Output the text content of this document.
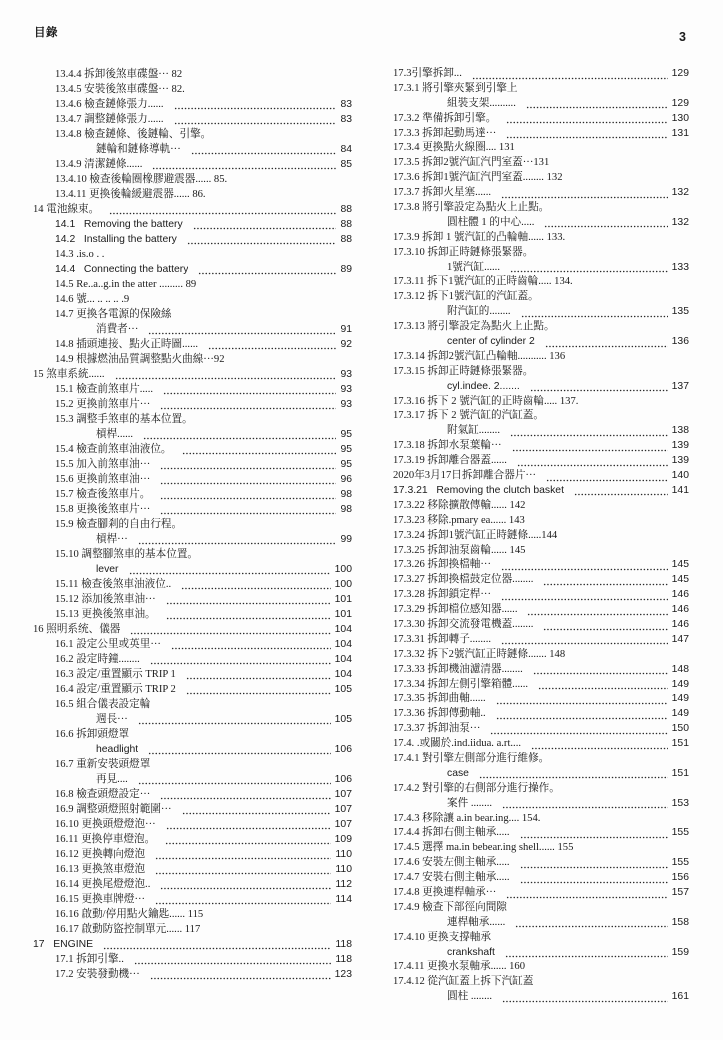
目錄	3
13.4.4 拆卸後煞車碟盤··· 82
13.4.5 安裝後煞車碟盤··· 82.
13.4.6 檢查鏈條張力......	83
13.4.7 調整鏈條張力......	83
13.4.8 檢查鏈條、後鏈輪、引擎。
鏈輪和鏈條導軌···	84
13.4.9 清潔鏈條......	85
13.4.10 檢查後輪圈橡膠避震器...... 85.
13.4.11 更換後輪緩避震器...... 86.
14 電池線束。	88
14.1   Removing the battery	88
14.2   Installing the battery	88
14.3 .is.o . .
14.4   Connecting the battery	89
14.5 Re..a..g.in the atter ......... 89
14.6 號... .. .. .. .9
14.7 更換各電源的保險絲
消費者···	91
14.8 插頭連接、點火正時圖......	92
14.9 根據燃油品質調整點火曲線···92
15 煞車系統......	93
15.1 檢查前煞車片.....	93
15.2 更換前煞車片···	93
15.3 調整手煞車的基本位置。
槓桿......	95
15.4 檢查前煞車油液位。	95
15.5 加入前煞車油···	95
15.6 更換前煞車油···	96
15.7 檢查後煞車片。	98
15.8 更換後煞車片···	98
15.9 檢查腳剎的自由行程。
槓桿···	99
15.10 調整腳煞車的基本位置。
lever	100
15.11 檢查後煞車油液位..	100
15.12 添加後煞車油···	101
15.13 更換後煞車油。	101
16 照明系统、儀器	104
16.1 設定公里或英里···	104
16.2 設定時鐘........	104
16.3 設定/重置顯示 TRIP 1	104
16.4 設定/重置顯示 TRIP 2	105
16.5 組合儀表設定輪
週長···	105
16.6 拆卸頭燈罩
headlight	106
16.7 重新安裝頭燈罩
再見....	106
16.8 檢查頭燈設定···	107
16.9 調整頭燈照射範圍···	107
16.10 更換頭燈燈泡···	107
16.11 更換停車燈泡。	109
16.12 更換轉向燈泡	110
16.13 更換煞車燈泡	110
16.14 更換尾燈燈泡..	112
16.15 更換車牌燈···	114
16.16 啟動/停用點火鑰匙...... 115
16.17 啟動防盜控制單元...... 117
17   ENGINE	118
17.1 拆卸引擎..	118
17.2 安裝發動機···	123
17.3引擎拆卸...	129
17.3.1 將引擎夾緊到引擎上
組裝支架..........	129
17.3.2 準備拆卸引擎。	130
17.3.3 拆卸起動馬達···	131
17.3.4 更換點火線圈.... 131
17.3.5 拆卸2號汽缸汽門室蓋···131
17.3.6 拆卸1號汽缸汽門室蓋........ 132
17.3.7 拆卸火星塞......	132
17.3.8 將引擎設定為點火上止點。
圓柱體 1 的中心.....	132
17.3.9 拆卸 1 號汽缸的凸輪軸...... 133.
17.3.10 拆卸正時鏈條張緊器。
1號汽缸......	133
17.3.11 拆下1號汽缸的正時齒輪..... 134.
17.3.12 拆下1號汽缸的汽缸蓋。
附汽缸的........	135
17.3.13 將引擎設定為點火上止點。
center of cylinder 2	136
17.3.14 拆卸2號汽缸凸輪軸........... 136
17.3.15 拆卸正時鏈條張緊器。
cyl.indee. 2.......	137
17.3.16 拆下 2 號汽缸的正時齒輪..... 137.
17.3.17 拆下 2 號汽缸的汽缸蓋。
附氣缸........	138
17.3.18 拆卸水泵葉輪···	139
17.3.19 拆卸離合器蓋......	139
2020年3月17日拆卸離合器片···	140
17.3.21   Removing the clutch basket	141
17.3.22 移除擴散傳輸...... 142
17.3.23 移除.pmary ea...... 143
17.3.24 拆卸1號汽缸正時鏈條.....144
17.3.25 拆卸油泵齒輪...... 145
17.3.26 拆卸換檔軸···	145
17.3.27 拆卸換檔鼓定位器........	145
17.3.28 拆卸鎖定桿···	146
17.3.29 拆卸檔位感知器......	146
17.3.30 拆卸交流發電機蓋........	146
17.3.31 拆卸轉子........	147
17.3.32 拆下2號汽缸正時鏈條....... 148
17.3.33 拆卸機油濾清器........	148
17.3.34 拆卸左側引擎箱體......	149
17.3.35 拆卸曲軸......	149
17.3.36 拆卸傳動軸..	149
17.3.37 拆卸油泵···	150
17.4. .或關於.ind.iidua. a.rt....	151
17.4.1 對引擎左側部分進行維修。
case	151
17.4.2 對引擎的右側部分進行操作。
案件 ........	153
17.4.3 移除讓 a.in bear.ing.... 154.
17.4.4 拆卸右側主軸承.....	155
17.4.5 選擇 ma.in bebear.ing shell...... 155
17.4.6 安裝左側主軸承.....	155
17.4.7 安裝右側主軸承.....	156
17.4.8 更換連桿軸承···	157
17.4.9 檢查下部徑向間隙
連桿軸承......	158
17.4.10 更換支撐軸承
crankshaft	159
17.4.11 更換水泵軸承...... 160
17.4.12 從汽缸蓋上拆下汽缸蓋
圓柱 ........	161
